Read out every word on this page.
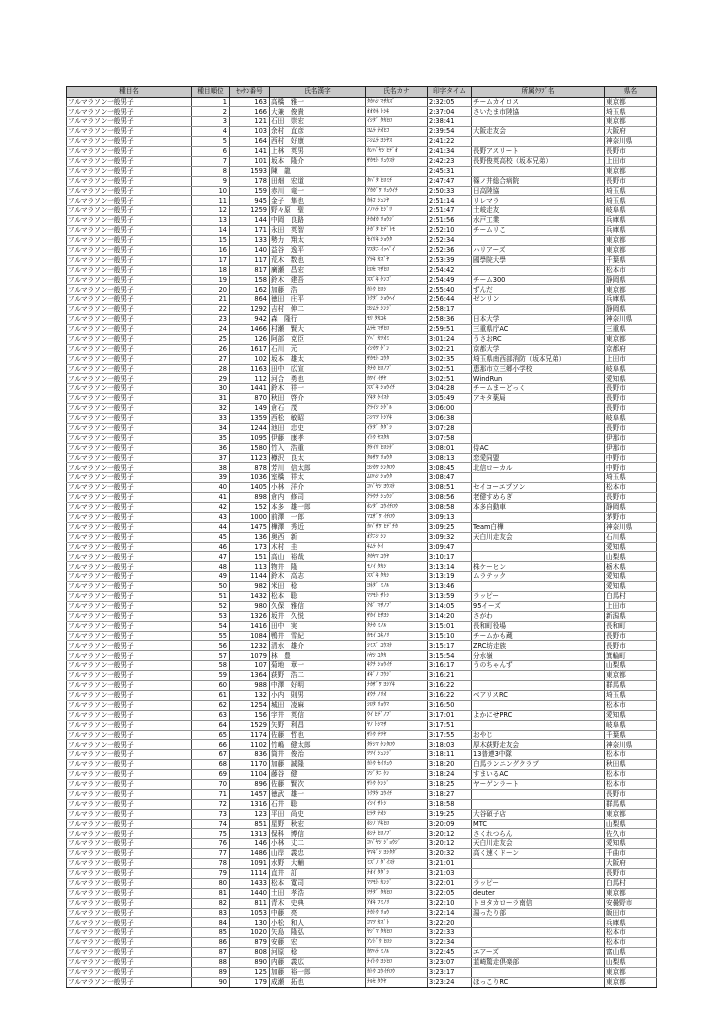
種目名	種目順位	ｾｯｹﾝ番号	氏名漢字	氏名カナ	印字タイム	所属ｸﾗﾌﾞ名	県名
フルマラソン一般男子	1	163	高橋　雅一	ﾀｶﾊｼ ﾏｻｶｽﾞ	2:32:05	チームカイロス	東京都
フルマラソン一般男子	2	166	大兼　俊貴	ｵｵｶﾈ ﾄｼｷ	2:37:04	さいたま市陸協	埼玉県
フルマラソン一般男子	3	121	石田　崇宏	ｲｼﾀﾞ ﾀｶﾋﾛ	2:38:41		東京都
フルマラソン一般男子	4	103	余村　直彦	ﾖﾑﾗ ﾅｵﾋｺ	2:39:54	大阪走友会	大阪府
フルマラソン一般男子	5	164	西村　好康	ﾆｼﾑﾗ ﾖｼﾔｽ	2:41:22		神奈川県
フルマラソン一般男子	6	141	上林　英男	ｶﾝﾊﾞﾔｼ ﾋﾃﾞｵ	2:41:34	長野アスリート	長野市
フルマラソン一般男子	7	101	坂本　隆介	ｻｶﾓﾄ ﾘｭｳｽｹ	2:42:23	長野俊英高校（坂本兄弟）	上田市
フルマラソン一般男子	8	1593	陳　龍		2:45:31		東京都
フルマラソン一般男子	9	178	田畑　宏道	ﾀﾊﾞﾀ ﾋﾛﾐﾁ	2:47:47	篠ノ井総合病院	長野市
フルマラソン一般男子	10	159	赤川　竜一	ｱｶｶﾞﾜ ﾘｭｳｲﾁ	2:50:33	日高陸協	埼玉県
フルマラソン一般男子	11	945	金子　隼也	ｶﾈｺ ｼｭﾝﾔ	2:51:14	リレマラ	埼玉県
フルマラソン一般男子	12	1259	野々原　聖	ﾉﾉﾊﾗ ﾋｼﾞﾘ	2:51:47	土岐走友	岐阜県
フルマラソン一般男子	13	144	中岡　良路	ﾅｶｵｶ ﾘｮｳｼﾞ	2:51:56	水戸工業	兵庫県
フルマラソン一般男子	14	171	永田　英智	ﾅｶﾞﾀ ﾋﾃﾞﾄﾓ	2:52:10	チームリこ	兵庫県
フルマラソン一般男子	15	133	勢力　翔太	ｾｲﾘｷ ｼｮｳﾀ	2:52:34		東京都
フルマラソン一般男子	16	140	益谷　逸平	ﾏｽﾀﾆ ｲｯﾍﾟｲ	2:52:36	ハリアーズ	東京都
フルマラソン一般男子	17	117	荒木　数也	ｱﾗｷ ｶｽﾞﾔ	2:53:39	國學院大學	千葉県
フルマラソン一般男子	18	817	廣瀬　昌宏	ﾋﾛｾ ﾏｻﾋﾛ	2:54:42		松本市
フルマラソン一般男子	19	158	鈴木　建吾	ｽｽﾞｷ ｹﾝｺﾞ	2:54:49	チーム300	静岡県
フルマラソン一般男子	20	162	加藤　浩	ｶﾄｳ ﾋﾛｼ	2:55:40	ずんだ	東京都
フルマラソン一般男子	21	864	徳田　庄平	ﾄｸﾀﾞ ｼｮｳﾍｲ	2:56:44	ゼンリン	兵庫県
フルマラソン一般男子	22	1292	吉村　伸二	ﾖｼﾑﾗ ｼﾝｼﾞ	2:58:17		静岡県
フルマラソン一般男子	23	942	森　隆行	ﾓﾘ ﾀｶﾕｷ	2:58:36	日本大学	神奈川県
フルマラソン一般男子	24	1466	村瀬　賢大	ﾑﾗｾ ﾏｻﾋﾛ	2:59:51	三重県庁AC	三重県
フルマラソン一般男子	25	126	阿部　克臣	ｱﾍﾞ ｶﾂｵﾐ	3:01:24	うさおRC	東京都
フルマラソン一般男子	26	1617	石川　元	ｲｼｶﾜ ｹﾞﾝ	3:02:21	京都大学	京都府
フルマラソン一般男子	27	102	坂本　雄太	ｻｶﾓﾄ ﾕｳﾀ	3:02:35	埼玉県南西部消防（坂本兄弟）	上田市
フルマラソン一般男子	28	1163	田中　広宣	ﾀﾅｶ ﾋﾛﾉﾌﾞ	3:02:51	恵那市立三郷小学校	岐阜県
フルマラソン一般男子	29	112	河合　勇也	ｶﾜｲ ｲｻﾔ	3:02:51	WindRun	愛知県
フルマラソン一般男子	30	1441	鈴木　祥一	ｽｽﾞｷ ｼｮｳｲﾁ	3:04:28	チームまーどっく	長野市
フルマラソン一般男子	31	870	秋田　啓介	ｱｷﾀ ｹｲｽｹ	3:05:49	アキタ薬局	長野市
フルマラソン一般男子	32	149	倉石　茂	ｸﾗｲｼ ｼｹﾞﾙ	3:06:00		長野市
フルマラソン一般男子	33	1359	西松　敏昭	ﾆｼﾏﾂ ﾄｼｱｷ	3:06:38		岐阜県
フルマラソン一般男子	34	1244	池田　忠史	ｲｹﾀﾞ ﾀﾀﾞｼ	3:07:28		長野市
フルマラソン一般男子	35	1095	伊藤　康孝	ｲﾄｳ ﾔｽﾀｶ	3:07:58		伊那市
フルマラソン一般男子	36	1580	竹入　浩重	ﾀｹｲﾘ ﾋﾛｼｹﾞ	3:08:01	侍AC	伊那市
フルマラソン一般男子	37	1123	樽沢　良太	ﾀﾙｻﾜ ﾘｮｳﾀ	3:08:13	恋愛同盟	中野市
フルマラソン一般男子	38	878	芳川　信太郎	ﾖｼｶﾜ ｼﾝﾀﾛｳ	3:08:45	北信ローカル	中野市
フルマラソン一般男子	39	1036	室橋　祥太	ﾑﾛﾊｼ ｼｮｳﾀ	3:08:47		埼玉県
フルマラソン一般男子	40	1405	小林　洋介	ｺﾊﾞﾔｼ ﾖｳｽｹ	3:08:51	セイコーエプソン	松本市
フルマラソン一般男子	41	898	倉内　修司	ｸﾗｳﾁ ｼｭｳｼﾞ	3:08:56	老健すめらぎ	長野市
フルマラソン一般男子	42	152	本多　雄一郎	ﾎﾝﾀﾞ ﾕｳｲﾁﾛｳ	3:08:58	本多自動車	静岡県
フルマラソン一般男子	43	1000	前澤　一郎	ﾏｴｻﾞﾜ ｲﾁﾛｳ	3:09:13		茅野市
フルマラソン一般男子	44	1475	樺澤　秀近	ｶﾊﾞｻﾜ ﾋﾃﾞﾁｶ	3:09:25	Team白樺	神奈川県
フルマラソン一般男子	45	136	奥西　新	ｵｸﾆｼ ｼﾝ	3:09:32	天白川走友会	石川県
フルマラソン一般男子	46	173	木村　圭	ｷﾑﾗ ｹｲ	3:09:47		愛知県
フルマラソン一般男子	47	151	高山　裕哉	ﾀｶﾔﾏ ﾕｳﾔ	3:10:17		山梨県
フルマラソン一般男子	48	113	物井　隆	ﾓﾉｲ ﾀｶｼ	3:13:14	株ケーヒン	栃木県
フルマラソン一般男子	49	1144	鈴木　高志	ｽｽﾞｷ ﾀｶｼ	3:13:19	ムラテック	愛知県
フルマラソン一般男子	50	982	米田　稔	ﾖﾈﾀﾞ ﾐﾉﾙ	3:13:46		愛知県
フルマラソン一般男子	51	1432	松本　聡	ﾏﾂﾓﾄ ｻﾄｼ	3:13:59	ラッピー	白馬村
フルマラソン一般男子	52	980	久保　雅信	ｸﾎﾞ ﾏｻﾉﾌﾞ	3:14:05	95イーズ	上田市
フルマラソン一般男子	53	1326	坂井　久悦	ｻｶｲ ﾋｻﾖｼ	3:14:20	さがわ	新潟県
フルマラソン一般男子	54	1416	田中　実	ﾀﾅｶ ﾐﾉﾙ	3:15:01	長和町役場	長和町
フルマラソン一般男子	55	1084	鴨井　雪紀	ｶﾓｲ ﾕｷﾉﾘ	3:15:10	チームかも蔵	長野市
フルマラソン一般男子	56	1232	清水　雄介	ｼﾐｽﾞ ﾕｳｽｹ	3:15:17	ZRC坊走族	長野市
フルマラソン一般男子	57	1079	林　豊	ﾊﾔｼ ﾕﾀｶ	3:15:54	分水嶺	箕輪町
フルマラソン一般男子	58	107	菊地　章一	ｷｸﾁ ｼｮｳｲﾁ	3:16:17	うのちゃんず	山梨県
フルマラソン一般男子	59	1364	荻野　浩二	ｵｷﾞﾉ ｺｳｼﾞ	3:16:21		東京都
フルマラソン一般男子	60	988	中澤　好明	ﾅｶｻﾞﾜ ﾖｼｱｷ	3:16:22		群馬県
フルマラソン一般男子	61	132	小内　則男	ｵｳﾁ ﾉﾘｵ	3:16:22	ベアリスRC	埼玉県
フルマラソン一般男子	62	1254	城田　凌麻	ｼﾛﾀ ﾘｮｳﾏ	3:16:50		松本市
フルマラソン一般男子	63	156	宇井　英信	ｳｲ ﾋﾃﾞﾉﾌﾞ	3:17:01	よかにせPRC	愛知県
フルマラソン一般男子	64	1529	矢野　利昌	ﾔﾉ ﾄｼﾏｻ	3:17:51		岐阜県
フルマラソン一般男子	65	1174	佐藤　哲也	ｻﾄｳ ﾃﾂﾔ	3:17:55	おやじ	千葉県
フルマラソン一般男子	66	1102	竹嶋　健太郎	ﾀｹｼﾏ ｹﾝﾀﾛｳ	3:18:03	厚木荻野走友会	神奈川県
フルマラソン一般男子	67	836	筒井　俊治	ﾂﾂｲ ｼｭﾝｼﾞ	3:18:11	13普連3中隊	松本市
フルマラソン一般男子	68	1170	加藤　誠隆	ｶﾄｳ ｾｲﾘｭｳ	3:18:20	白馬ランニングクラブ	秋田県
フルマラソン一般男子	69	1104	藤谷　健	ﾌｼﾞﾀﾆ ｹﾝ	3:18:24	すまいるAC	松本市
フルマラソン一般男子	70	896	佐藤　賢次	ｻﾄｳ ｹﾝｼﾞ	3:18:25	ヤーゲンラート	松本市
フルマラソン一般男子	71	1457	徳武　雄一	ﾄｸﾀｹ ﾕｳｲﾁ	3:18:27		長野市
フルマラソン一般男子	72	1316	石井　聡	ｲｼｲ ｻﾄｼ	3:18:58		群馬県
フルマラソン一般男子	73	123	平田　尚史	ﾋﾗﾀ ﾅｵｼ	3:19:25	大谷碩子店	東京都
フルマラソン一般男子	74	851	星野　秋宏	ﾎｼﾉ ｱｷﾋﾛ	3:20:09	MTC	山梨県
フルマラソン一般男子	75	1313	保科　博信	ﾎｼﾅ ﾋﾛﾉﾌﾞ	3:20:12	さくれつらん	佐久市
フルマラソン一般男子	76	146	小林　丈二	ｺﾊﾞﾔｼ ｼﾞｮｳｼﾞ	3:20:12	天白川走友会	愛知県
フルマラソン一般男子	77	1486	山岸　義忠	ﾔﾏｷﾞｼ ﾖｼﾀﾀﾞ	3:20:32	高く速くドーン	千曲市
フルマラソン一般男子	78	1091	水野　大輔	ﾐｽﾞﾉ ﾀﾞｲｽｹ	3:21:01		大阪府
フルマラソン一般男子	79	1114	直井　訂	ﾅｵｲ ﾀﾀﾞｼ	3:21:03		長野市
フルマラソン一般男子	80	1433	松本　寛司	ﾏﾂﾓﾄ ｶﾝｼﾞ	3:22:01	ラッピー	白馬村
フルマラソン一般男子	81	1440	土田　孝浩	ﾂﾁﾀﾞ ﾀｶﾋﾛ	3:22:05	deuter	東京都
フルマラソン一般男子	82	811	青木　史典	ｱｵｷ ﾌﾐﾉﾘ	3:22:10	トヨタカローラ南信	安曇野市
フルマラソン一般男子	83	1053	中藤　亮	ﾅｶﾄｳ ﾘｮｳ	3:22:14	湯ったり部	飯田市
フルマラソン一般男子	84	130	小松　和人	ｺﾏﾂ ｶｽﾞﾄ	3:22:20		兵庫県
フルマラソン一般男子	85	1020	矢島　隆弘	ﾔｼﾞﾏ ﾀｶﾋﾛ	3:22:33		松本市
フルマラソン一般男子	86	879	安藤　宏	ｱﾝﾄﾞｳ ﾋﾛｼ	3:22:34		松本市
フルマラソン一般男子	87	808	河原　稔	ｶﾜﾊﾗ ﾐﾉﾙ	3:22:45	エアーズ	富山県
フルマラソン一般男子	88	890	内藤　義広	ﾅｲﾄｳ ﾖｼﾋﾛ	3:23:07	韮崎驚走倶楽部	山梨県
フルマラソン一般男子	89	125	加藤　裕一郎	ｶﾄｳ ﾕｳｲﾁﾛｳ	3:23:17		東京都
フルマラソン一般男子	90	179	成瀬　拓也	ﾅﾙｾ ﾀｸﾔ	3:23:24	ほっこりRC	東京都
